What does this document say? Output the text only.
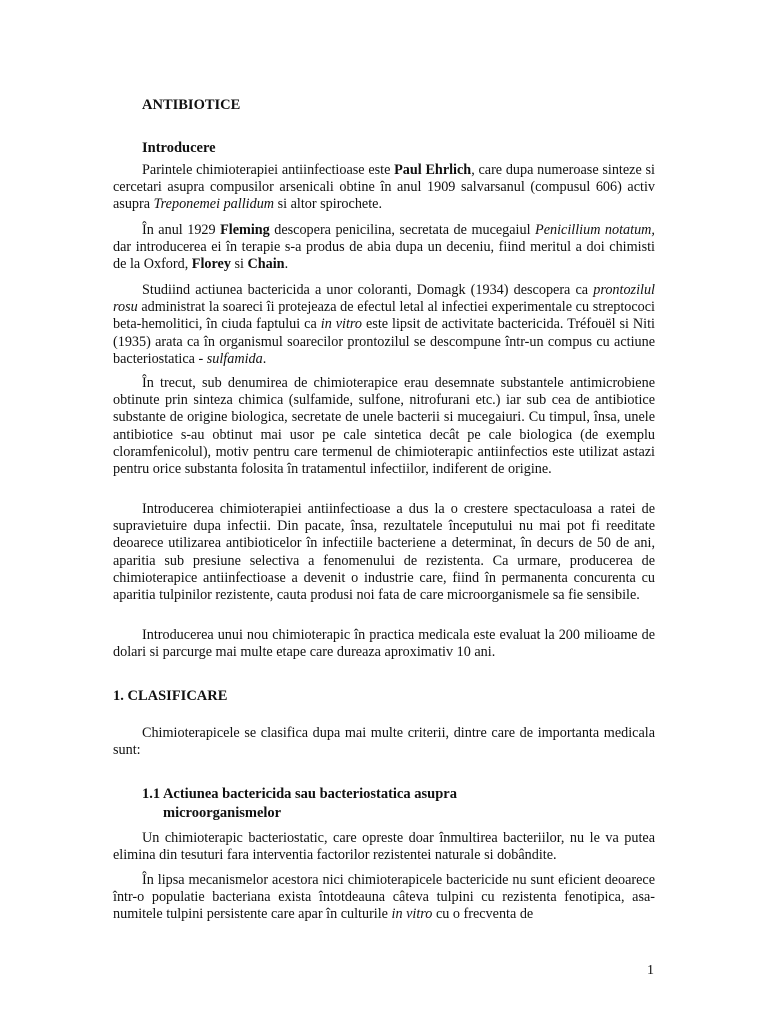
ANTIBIOTICE
Introducere

Parintele chimioterapiei antiinfectioase este Paul Ehrlich, care dupa numeroase sinteze si cercetari asupra compusilor arsenicali obtine în anul 1909 salvarsanul (compusul 606) activ asupra Treponemei pallidum si altor spirochete.

În anul 1929 Fleming descopera penicilina, secretata de mucegaiul Penicillium notatum, dar introducerea ei în terapie s-a produs de abia dupa un deceniu, fiind meritul a doi chimisti de la Oxford, Florey si Chain.

Studiind actiunea bactericida a unor coloranti, Domagk (1934) descopera ca prontozilul rosu administrat la soareci îi protejeaza de efectul letal al infectiei experimentale cu streptococi beta-hemolitici, în ciuda faptului ca in vitro este lipsit de activitate bactericida. Tréfouël si Niti (1935) arata ca în organismul soarecilor prontozilul se descompune într-un compus cu actiune bacteriostatica - sulfamida.

În trecut, sub denumirea de chimioterapice erau desemnate substantele antimicrobiene obtinute prin sinteza chimica (sulfamide, sulfone, nitrofurani etc.) iar sub cea de antibiotice substante de origine biologica, secretate de unele bacterii si mucegaiuri. Cu timpul, însa, unele antibiotice s-au obtinut mai usor pe cale sintetica decât pe cale biologica (de exemplu cloramfenicolul), motiv pentru care termenul de chimioterapic antiinfectios este utilizat astazi pentru orice substanta folosita în tratamentul infectiilor, indiferent de origine.

Introducerea chimioterapiei antiinfectioase a dus la o crestere spectaculoasa a ratei de supravietuire dupa infectii. Din pacate, însa, rezultatele începutului nu mai pot fi reeditate deoarece utilizarea antibioticelor în infectiile bacteriene a determinat, în decurs de 50 de ani, aparitia sub presiune selectiva a fenomenului de rezistenta. Ca urmare, producerea de chimioterapice antiinfectioase a devenit o industrie care, fiind în permanenta concurenta cu aparitia tulpinilor rezistente, cauta produsi noi fata de care microorganismele sa fie sensibile.

Introducerea unui nou chimioterapic în practica medicala este evaluat la 200 milioame de dolari si parcurge mai multe etape care dureaza aproximativ 10 ani.

1. CLASIFICARE

Chimioterapicele se clasifica dupa mai multe criterii, dintre care de importanta medicala sunt:

1.1 Actiunea bactericida sau bacteriostatica asupra
microorganismelor

Un chimioterapic bacteriostatic, care opreste doar înmultirea bacteriilor, nu le va putea elimina din tesuturi fara interventia factorilor rezistentei naturale si dobândite.

În lipsa mecanismelor acestora nici chimioterapicele bactericide nu sunt eficient deoarece într-o populatie bacteriana exista întotdeauna câteva tulpini cu rezistenta fenotipica, asa-numitele tulpini persistente care apar în culturile in vitro cu o frecventa de

1
